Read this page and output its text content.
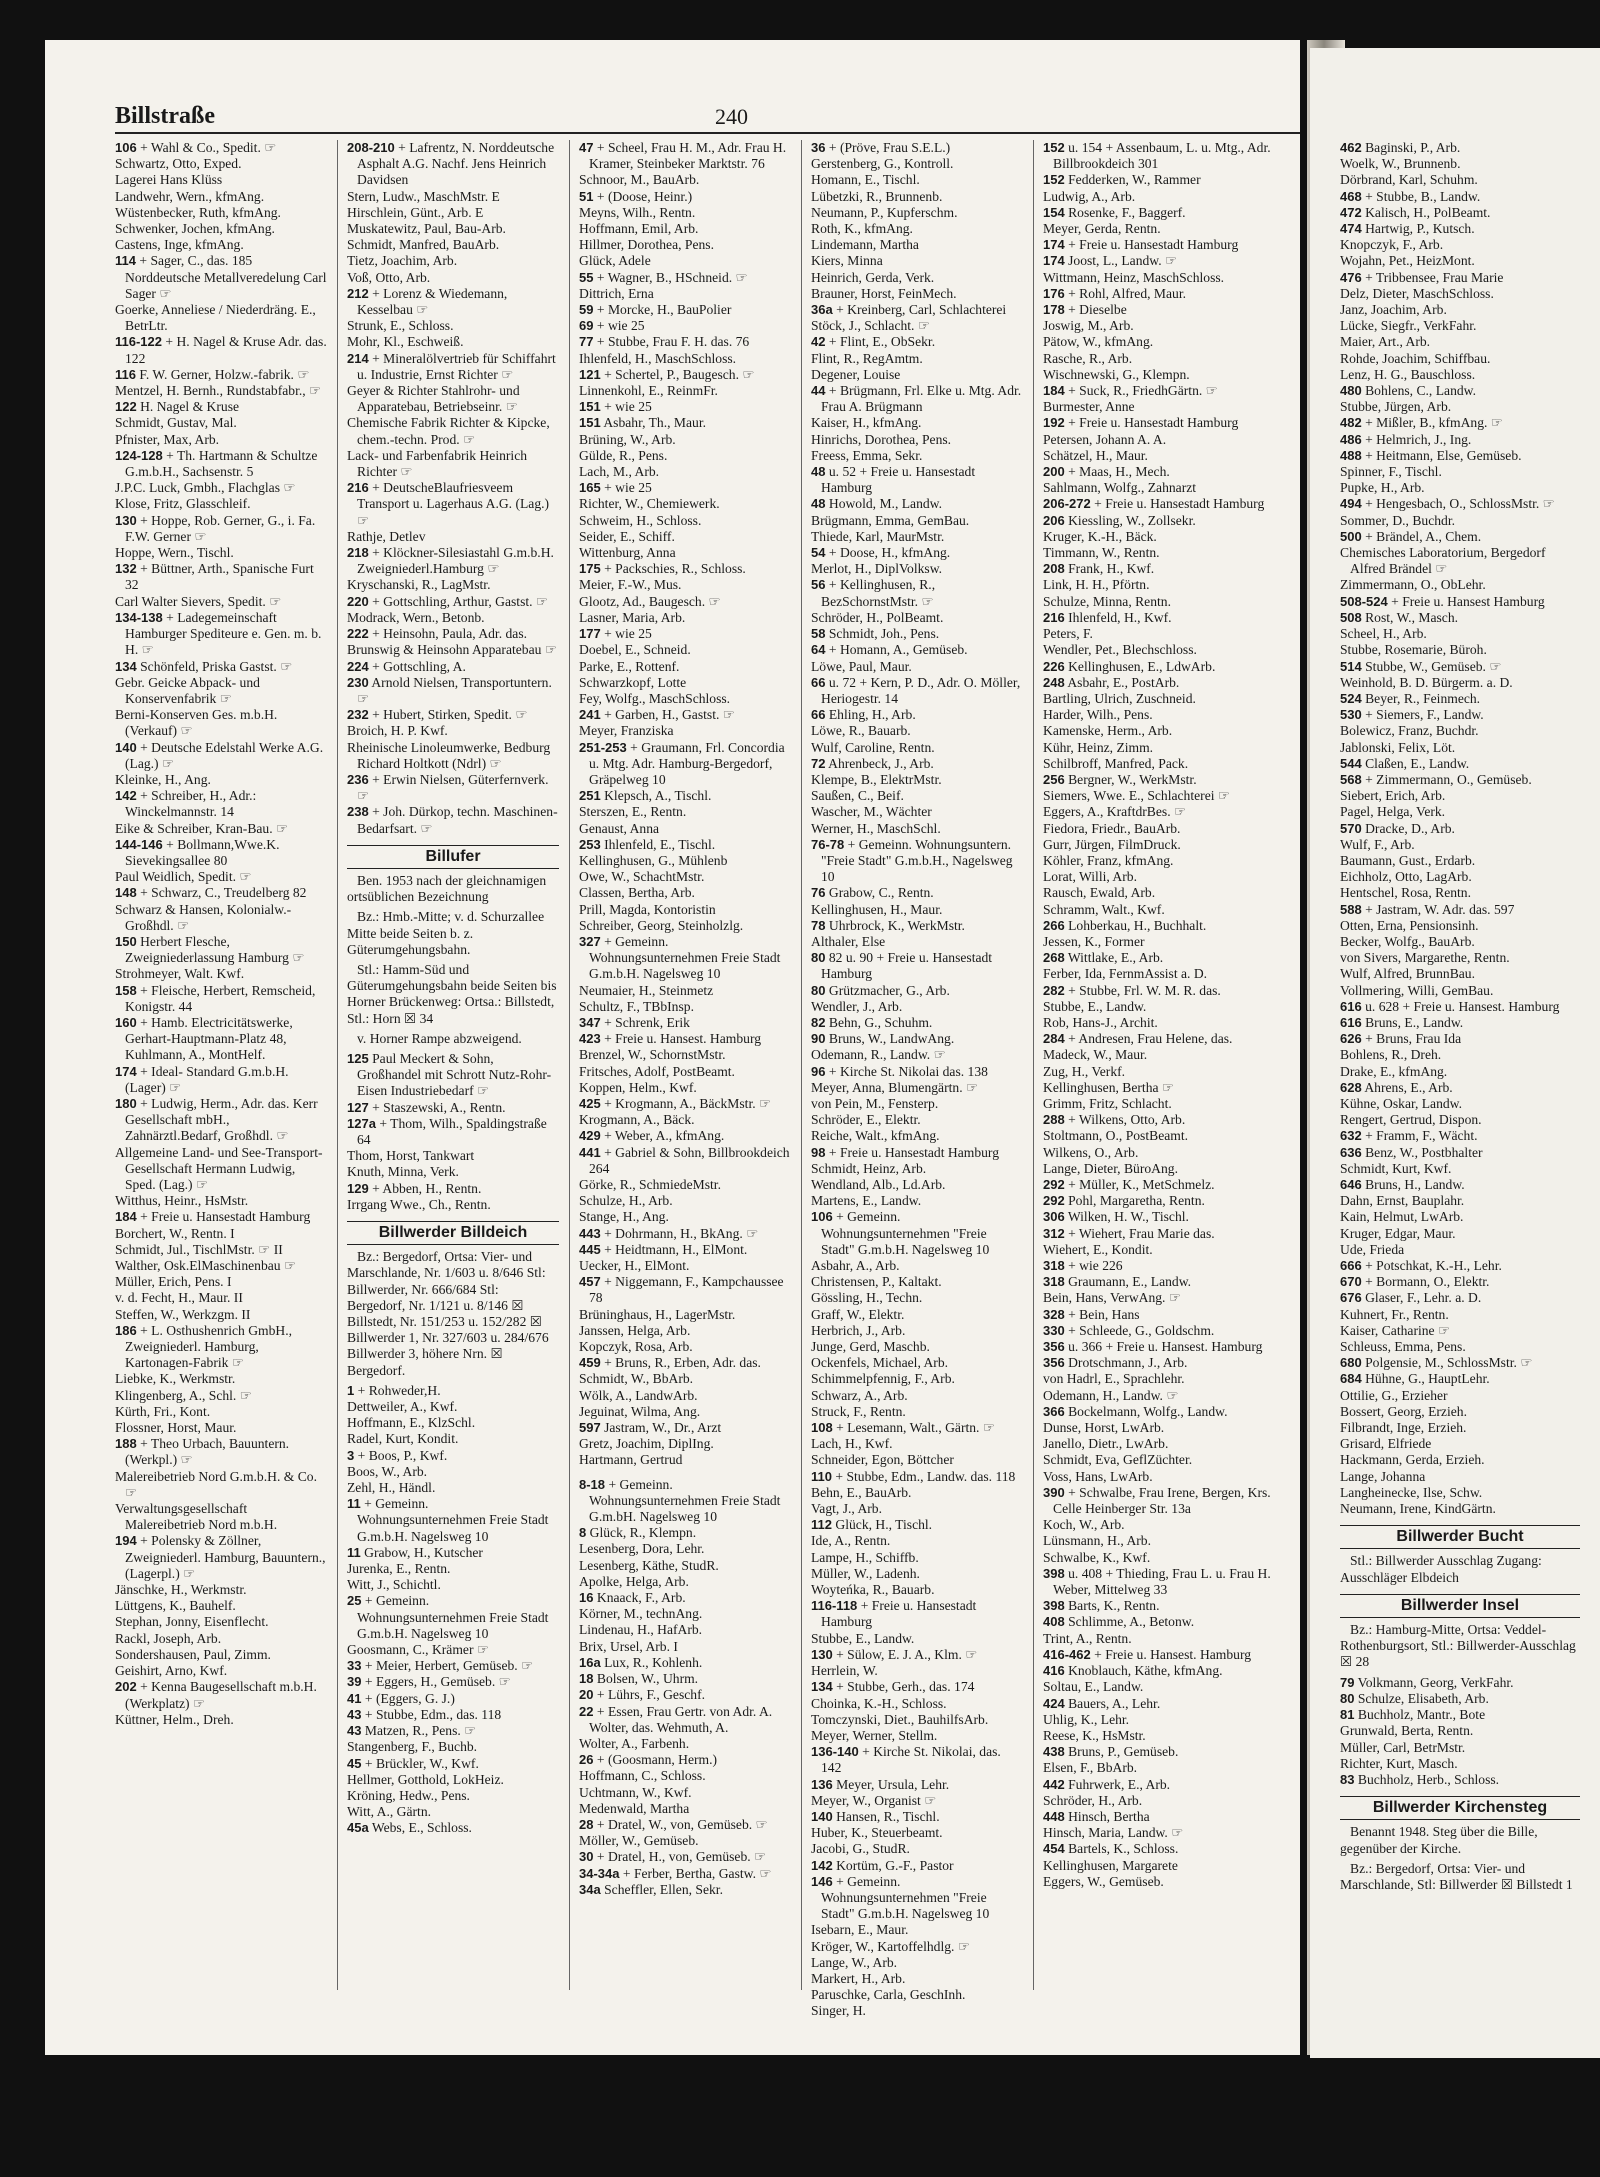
Billstraße	240
106 + Wahl & Co., Spedit. ☞
Schwartz, Otto, Exped.
Lagerei Hans Klüss
Landwehr, Wern., kfmAng.
Wüstenbecker, Ruth, kfmAng.
Schwenker, Jochen, kfmAng.
Castens, Inge, kfmAng.
114 + Sager, C., das. 185 Norddeutsche Metallveredelung Carl Sager ☞
Goerke, Anneliese / Niederdräng. E., BetrLtr.
116-122 + H. Nagel & Kruse Adr. das. 122
116 F. W. Gerner, Holzw.-fabrik. ☞
Mentzel, H. Bernh., Rundstabfabr., ☞
122 H. Nagel & Kruse
Schmidt, Gustav, Mal.
Pfnister, Max, Arb.
124-128 + Th. Hartmann & Schultze G.m.b.H., Sachsenstr. 5
J.P.C. Luck, Gmbh., Flachglas ☞
Klose, Fritz, Glasschleif.
130 + Hoppe, Rob. Gerner, G., i. Fa. F.W. Gerner ☞
Hoppe, Wern., Tischl.
132 + Büttner, Arth., Spanische Furt 32
Carl Walter Sievers, Spedit. ☞
134-138 + Ladegemeinschaft Hamburger Spediteure e. Gen. m. b. H. ☞
134 Schönfeld, Priska Gastst. ☞
Gebr. Geicke Abpack- und Konservenfabrik ☞
Berni-Konserven Ges. m.b.H. (Verkauf) ☞
140 + Deutsche Edelstahl Werke A.G. (Lag.) ☞
Kleinke, H., Ang.
142 + Schreiber, H., Adr.: Winckelmannstr. 14
Eike & Schreiber, Kran-Bau. ☞
144-146 + Bollmann,Wwe.K. Sievekingsallee 80
Paul Weidlich, Spedit. ☞
148 + Schwarz, C., Treudelberg 82
Schwarz & Hansen, Kolonialw.-Großhdl. ☞
150 Herbert Flesche, Zweigniederlassung Hamburg ☞
Strohmeyer, Walt. Kwf.
158 + Fleische, Herbert, Remscheid, Konigstr. 44
160 + Hamb. Electricitätswerke, Gerhart-Hauptmann-Platz 48, Kuhlmann, A., MontHelf.
174 + Ideal- Standard G.m.b.H. (Lager) ☞
180 + Ludwig, Herm., Adr. das. Kerr Gesellschaft mbH., Zahnärztl.Bedarf, Großhdl. ☞
Allgemeine Land- und See-Transport-Gesellschaft Hermann Ludwig, Sped. (Lag.) ☞
Witthus, Heinr., HsMstr.
184 + Freie u. Hansestadt Hamburg
Borchert, W., Rentn. I
Schmidt, Jul., TischlMstr. ☞ II
Walther, Osk.ElMaschinenbau ☞
Müller, Erich, Pens. I
v. d. Fecht, H., Maur. II
Steffen, W., Werkzgm. II
186 + L. Osthushenrich GmbH., Zweigniederl. Hamburg, Kartonagen-Fabrik ☞
Liebke, K., Werkmstr.
Klingenberg, A., Schl. ☞
Kürth, Fri., Kont.
Flossner, Horst, Maur.
188 + Theo Urbach, Bauuntern. (Werkpl.) ☞
Malereibetrieb Nord G.m.b.H. & Co. ☞
Verwaltungsgesellschaft Malereibetrieb Nord m.b.H.
194 + Polensky & Zöllner, Zweigniederl. Hamburg, Bauuntern., (Lagerpl.) ☞
Jänschke, H., Werkmstr.
Lüttgens, K., Bauhelf.
Stephan, Jonny, Eisenflecht.
Rackl, Joseph, Arb.
Sondershausen, Paul, Zimm.
Geishirt, Arno, Kwf.
202 + Kenna Baugesellschaft m.b.H. (Werkplatz) ☞
Küttner, Helm., Dreh.
208-210 + Lafrentz, N. Norddeutsche Asphalt A.G. Nachf. Jens Heinrich Davidsen
Stern, Ludw., MaschMstr. E
Hirschlein, Günt., Arb. E
Muskatewitz, Paul, Bau-Arb.
Schmidt, Manfred, BauArb.
Tietz, Joachim, Arb.
Voß, Otto, Arb.
212 + Lorenz & Wiedemann, Kesselbau ☞
Strunk, E., Schloss.
Mohr, Kl., Eschweiß.
214 + Mineralölvertrieb für Schiffahrt u. Industrie, Ernst Richter ☞
Geyer & Richter Stahlrohr- und Apparatebau, Betriebseinr. ☞
Chemische Fabrik Richter & Kipcke, chem.-techn. Prod. ☞
Lack- und Farbenfabrik Heinrich Richter ☞
216 + DeutscheBlaufriesveem Transport u. Lagerhaus A.G. (Lag.) ☞
Rathje, Detlev
218 + Klöckner-Silesiastahl G.m.b.H. Zweigniederl.Hamburg ☞
Kryschanski, R., LagMstr.
220 + Gottschling, Arthur, Gastst. ☞
Modrack, Wern., Betonb.
222 + Heinsohn, Paula, Adr. das.
Brunswig & Heinsohn Apparatebau ☞
224 + Gottschling, A.
230 Arnold Nielsen, Transportuntern. ☞
232 + Hubert, Stirken, Spedit. ☞
Broich, H. P. Kwf.
Rheinische Linoleumwerke, Bedburg Richard Holtkott (Ndrl) ☞
236 + Erwin Nielsen, Güterfernverk. ☞
238 + Joh. Dürkop, techn. Maschinen-Bedarfsart. ☞
Billufer
Ben. 1953 nach der gleichnamigen ortsüblichen Bezeichnung
Bz.: Hmb.-Mitte; v. d. Schurzallee Mitte beide Seiten b. z. Güterumgehungsbahn.
Stl.: Hamm-Süd und Güterumgehungsbahn beide Seiten bis Horner Brückenweg: Ortsa.: Billstedt, Stl.: Horn ☒ 34
v. Horner Rampe abzweigend.
125 Paul Meckert & Sohn, Großhandel mit Schrott Nutz-Rohr- Eisen Industriebedarf ☞
127 + Staszewski, A., Rentn.
127a + Thom, Wilh., Spaldingstraße 64
Thom, Horst, Tankwart
Knuth, Minna, Verk.
129 + Abben, H., Rentn.
Irrgang Wwe., Ch., Rentn.
Billwerder Billdeich
Bz.: Bergedorf, Ortsa: Vier- und Marschlande, Nr. 1/603 u. 8/646 Stl: Billwerder, Nr. 666/684 Stl: Bergedorf, Nr. 1/121 u. 8/146 ☒ Billstedt, Nr. 151/253 u. 152/282 ☒ Billwerder 1, Nr. 327/603 u. 284/676 Billwerder 3, höhere Nrn. ☒ Bergedorf.
1 + Rohweder,H.
Dettweiler, A., Kwf.
Hoffmann, E., KlzSchl.
Radel, Kurt, Kondit.
3 + Boos, P., Kwf.
Boos, W., Arb.
Zehl, H., Händl.
11 + Gemeinn. Wohnungsunternehmen Freie Stadt G.m.b.H. Nagelsweg 10
11 Grabow, H., Kutscher
Jurenka, E., Rentn.
Witt, J., Schichtl.
25 + Gemeinn. Wohnungsunternehmen Freie Stadt G.m.b.H. Nagelsweg 10
Goosmann, C., Krämer ☞
33 + Meier, Herbert, Gemüseb. ☞
39 + Eggers, H., Gemüseb. ☞
41 + (Eggers, G. J.)
43 + Stubbe, Edm., das. 118
43 Matzen, R., Pens. ☞
Stangenberg, F., Buchb.
45 + Brückler, W., Kwf.
Hellmer, Gotthold, LokHeiz.
Kröning, Hedw., Pens.
Witt, A., Gärtn.
45a Webs, E., Schloss.
47 + Scheel, Frau H. M., Adr. Frau H. Kramer, Steinbeker Marktstr. 76
Schnoor, M., BauArb.
51 + (Doose, Heinr.)
Meyns, Wilh., Rentn.
Hoffmann, Emil, Arb.
Hillmer, Dorothea, Pens.
Glück, Adele
55 + Wagner, B., HSchneid. ☞
Dittrich, Erna
59 + Morcke, H., BauPolier
69 + wie 25
77 + Stubbe, Frau F. H. das. 76
Ihlenfeld, H., MaschSchloss.
121 + Schertel, P., Baugesch. ☞
Linnenkohl, E., ReinmFr.
151 + wie 25
151 Asbahr, Th., Maur.
Brüning, W., Arb.
Gülde, R., Pens.
Lach, M., Arb.
165 + wie 25
Richter, W., Chemiewerk.
Schweim, H., Schloss.
Seider, E., Schiff.
Wittenburg, Anna
175 + Packschies, R., Schloss.
Meier, F.-W., Mus.
Glootz, Ad., Baugesch. ☞
Lasner, Maria, Arb.
177 + wie 25
Doebel, E., Schneid.
Parke, E., Rottenf.
Schwarzkopf, Lotte
Fey, Wolfg., MaschSchloss.
241 + Garben, H., Gastst. ☞
Meyer, Franziska
251-253 + Graumann, Frl. Concordia u. Mtg. Adr. Hamburg-Bergedorf, Gräpelweg 10
251 Klepsch, A., Tischl.
Sterszen, E., Rentn.
Genaust, Anna
253 Ihlenfeld, E., Tischl.
Kellinghusen, G., Mühlenb
Owe, W., SchachtMstr.
Classen, Bertha, Arb.
Prill, Magda, Kontoristin
Schreiber, Georg, Steinholzlg.
327 + Gemeinn. Wohnungsunternehmen Freie Stadt G.m.b.H. Nagelsweg 10
Neumaier, H., Steinmetz
Schultz, F., TBbInsp.
347 + Schrenk, Erik
423 + Freie u. Hansest. Hamburg
Brenzel, W., SchornstMstr.
Fritsches, Adolf, PostBeamt.
Koppen, Helm., Kwf.
425 + Krogmann, A., BäckMstr. ☞
Krogmann, A., Bäck.
429 + Weber, A., kfmAng.
441 + Gabriel & Sohn, Billbrookdeich 264
Görke, R., SchmiedeMstr.
Schulze, H., Arb.
Stange, H., Ang.
443 + Dohrmann, H., BkAng. ☞
445 + Heidtmann, H., ElMont.
Uecker, H., ElMont.
457 + Niggemann, F., Kampchaussee 78
Brüninghaus, H., LagerMstr.
Janssen, Helga, Arb.
Kopczyk, Rosa, Arb.
459 + Bruns, R., Erben, Adr. das.
Schmidt, W., BbArb.
Wölk, A., LandwArb.
Jeguinat, Wilma, Ang.
597 Jastram, W., Dr., Arzt
Gretz, Joachim, DiplIng.
Hartmann, Gertrud
8-18 + Gemeinn. Wohnungsunternehmen Freie Stadt G.m.bH. Nagelsweg 10
8 Glück, R., Klempn.
Lesenberg, Dora, Lehr.
Lesenberg, Käthe, StudR.
Apolke, Helga, Arb.
16 Knaack, F., Arb.
Körner, M., technAng.
Lindenau, H., HafArb.
Brix, Ursel, Arb. I
16a Lux, R., Kohlenh.
18 Bolsen, W., Uhrm.
20 + Lührs, F., Geschf.
22 + Essen, Frau Gertr. von Adr. A. Wolter, das. Wehmuth, A.
Wolter, A., Farbenh.
26 + (Goosmann, Herm.)
Hoffmann, C., Schloss.
Uchtmann, W., Kwf.
Medenwald, Martha
28 + Dratel, W., von, Gemüseb. ☞
Möller, W., Gemüseb.
30 + Dratel, H., von, Gemüseb. ☞
34-34a + Ferber, Bertha, Gastw. ☞
34a Scheffler, Ellen, Sekr.
36 + (Pröve, Frau S.E.L.)
Gerstenberg, G., Kontroll.
Homann, E., Tischl.
Lübetzki, R., Brunnenb.
Neumann, P., Kupferschm.
Roth, K., kfmAng.
Lindemann, Martha
Kiers, Minna
Heinrich, Gerda, Verk.
Brauner, Horst, FeinMech.
36a + Kreinberg, Carl, Schlachterei
Stöck, J., Schlacht. ☞
42 + Flint, E., ObSekr.
Flint, R., RegAmtm.
Degener, Louise
44 + Brügmann, Frl. Elke u. Mtg. Adr. Frau A. Brügmann
Kaiser, H., kfmAng.
Hinrichs, Dorothea, Pens.
Freess, Emma, Sekr.
48 u. 52 + Freie u. Hansestadt Hamburg
48 Howold, M., Landw.
Brügmann, Emma, GemBau.
Thiede, Karl, MaurMstr.
54 + Doose, H., kfmAng.
Merlot, H., DiplVolksw.
56 + Kellinghusen, R., BezSchornstMstr. ☞
Schröder, H., PolBeamt.
58 Schmidt, Joh., Pens.
64 + Homann, A., Gemüseb.
Löwe, Paul, Maur.
66 u. 72 + Kern, P. D., Adr. O. Möller, Heriogestr. 14
66 Ehling, H., Arb.
Löwe, R., Bauarb.
Wulf, Caroline, Rentn.
72 Ahrenbeck, J., Arb.
Klempe, B., ElektrMstr.
Saußen, C., Beif.
Wascher, M., Wächter
Werner, H., MaschSchl.
76-78 + Gemeinn. Wohnungsuntern. "Freie Stadt" G.m.b.H., Nagelsweg 10
76 Grabow, C., Rentn.
Kellinghusen, H., Maur.
78 Uhrbrock, K., WerkMstr.
Althaler, Else
80 82 u. 90 + Freie u. Hansestadt Hamburg
80 Grützmacher, G., Arb.
Wendler, J., Arb.
82 Behn, G., Schuhm.
90 Bruns, W., LandwAng.
Odemann, R., Landw. ☞
96 + Kirche St. Nikolai das. 138
Meyer, Anna, Blumengärtn. ☞
von Pein, M., Fensterp.
Schröder, E., Elektr.
Reiche, Walt., kfmAng.
98 + Freie u. Hansestadt Hamburg
Schmidt, Heinz, Arb.
Wendland, Alb., Ld.Arb.
Martens, E., Landw.
106 + Gemeinn. Wohnungsunternehmen "Freie Stadt" G.m.b.H. Nagelsweg 10
Asbahr, A., Arb.
Christensen, P., Kaltakt.
Gössling, H., Techn.
Graff, W., Elektr.
Herbrich, J., Arb.
Junge, Gerd, Maschb.
Ockenfels, Michael, Arb.
Schimmelpfennig, F., Arb.
Schwarz, A., Arb.
Struck, F., Rentn.
108 + Lesemann, Walt., Gärtn. ☞
Lach, H., Kwf.
Schneider, Egon, Böttcher
110 + Stubbe, Edm., Landw. das. 118
Behn, E., BauArb.
Vagt, J., Arb.
112 Glück, H., Tischl.
Ide, A., Rentn.
Lampe, H., Schiffb.
Müller, W., Ladenh.
Woyteńka, R., Bauarb.
116-118 + Freie u. Hansestadt Hamburg
Stubbe, E., Landw.
130 + Sülow, E. J. A., Klm. ☞
Herrlein, W.
134 + Stubbe, Gerh., das. 174
Choinka, K.-H., Schloss.
Tomczynski, Diet., BauhilfsArb.
Meyer, Werner, Stellm.
136-140 + Kirche St. Nikolai, das. 142
136 Meyer, Ursula, Lehr.
Meyer, W., Organist ☞
140 Hansen, R., Tischl.
Huber, K., Steuerbeamt.
Jacobi, G., StudR.
142 Kortüm, G.-F., Pastor
146 + Gemeinn. Wohnungsunternehmen "Freie Stadt" G.m.b.H. Nagelsweg 10
Isebarn, E., Maur.
Kröger, W., Kartoffelhdlg. ☞
Lange, W., Arb.
Markert, H., Arb.
Paruschke, Carla, GeschInh.
Singer, H.
152 u. 154 + Assenbaum, L. u. Mtg., Adr. Billbrookdeich 301
152 Fedderken, W., Rammer
Ludwig, A., Arb.
154 Rosenke, F., Baggerf.
Meyer, Gerda, Rentn.
174 + Freie u. Hansestadt Hamburg
174 Joost, L., Landw. ☞
Wittmann, Heinz, MaschSchloss.
176 + Rohl, Alfred, Maur.
178 + Dieselbe
Joswig, M., Arb.
Pätow, W., kfmAng.
Rasche, R., Arb.
Wischnewski, G., Klempn.
184 + Suck, R., FriedhGärtn. ☞
Burmester, Anne
192 + Freie u. Hansestadt Hamburg
Petersen, Johann A. A.
Schätzel, H., Maur.
200 + Maas, H., Mech.
Sahlmann, Wolfg., Zahnarzt
206-272 + Freie u. Hansestadt Hamburg
206 Kiessling, W., Zollsekr.
Kruger, K.-H., Bäck.
Timmann, W., Rentn.
208 Frank, H., Kwf.
Link, H. H., Pförtn.
Schulze, Minna, Rentn.
216 Ihlenfeld, H., Kwf.
Peters, F.
Wendler, Pet., Blechschloss.
226 Kellinghusen, E., LdwArb.
248 Asbahr, E., PostArb.
Bartling, Ulrich, Zuschneid.
Harder, Wilh., Pens.
Kamenske, Herm., Arb.
Kühr, Heinz, Zimm.
Schilbroff, Manfred, Pack.
256 Bergner, W., WerkMstr.
Siemers, Wwe. E., Schlachterei ☞
Eggers, A., KraftdrBes. ☞
Fiedora, Friedr., BauArb.
Gurr, Jürgen, FilmDruck.
Köhler, Franz, kfmAng.
Lorat, Willi, Arb.
Rausch, Ewald, Arb.
Schramm, Walt., Kwf.
266 Lohberkau, H., Buchhalt.
Jessen, K., Former
268 Wittlake, E., Arb.
Ferber, Ida, FernmAssist a. D.
282 + Stubbe, Frl. W. M. R. das.
Stubbe, E., Landw.
Rob, Hans-J., Archit.
284 + Andresen, Frau Helene, das.
Madeck, W., Maur.
Zug, H., Verkf.
Kellinghusen, Bertha ☞
Grimm, Fritz, Schlacht.
288 + Wilkens, Otto, Arb.
Stoltmann, O., PostBeamt.
Wilkens, O., Arb.
Lange, Dieter, BüroAng.
292 + Müller, K., MetSchmelz.
292 Pohl, Margaretha, Rentn.
306 Wilken, H. W., Tischl.
312 + Wiehert, Frau Marie das.
Wiehert, E., Kondit.
318 + wie 226
318 Graumann, E., Landw.
Bein, Hans, VerwAng. ☞
328 + Bein, Hans
330 + Schleede, G., Goldschm.
356 u. 366 + Freie u. Hansest. Hamburg
356 Drotschmann, J., Arb.
von Hadrl, E., Sprachlehr.
Odemann, H., Landw. ☞
366 Bockelmann, Wolfg., Landw.
Dunse, Horst, LwArb.
Janello, Dietr., LwArb.
Schmidt, Eva, GeflZüchter.
Voss, Hans, LwArb.
390 + Schwalbe, Frau Irene, Bergen, Krs. Celle Heinberger Str. 13a
Koch, W., Arb.
Lünsmann, H., Arb.
Schwalbe, K., Kwf.
398 u. 408 + Thieding, Frau L. u. Frau H. Weber, Mittelweg 33
398 Barts, K., Rentn.
408 Schlimme, A., Betonw.
Trint, A., Rentn.
416-462 + Freie u. Hansest. Hamburg
416 Knoblauch, Käthe, kfmAng.
Soltau, E., Landw.
424 Bauers, A., Lehr.
Uhlig, K., Lehr.
Reese, K., HsMstr.
438 Bruns, P., Gemüseb.
Elsen, F., BbArb.
442 Fuhrwerk, E., Arb.
Schröder, H., Arb.
448 Hinsch, Bertha
Hinsch, Maria, Landw. ☞
454 Bartels, K., Schloss.
Kellinghusen, Margarete
Eggers, W., Gemüseb.
462 Baginski, P., Arb.
Woelk, W., Brunnenb.
Dörbrand, Karl, Schuhm.
468 + Stubbe, B., Landw.
472 Kalisch, H., PolBeamt.
474 Hartwig, P., Kutsch.
Knopczyk, F., Arb.
Wojahn, Pet., HeizMont.
476 + Tribbensee, Frau Marie
Delz, Dieter, MaschSchloss.
Janz, Joachim, Arb.
Lücke, Siegfr., VerkFahr.
Maier, Art., Arb.
Rohde, Joachim, Schiffbau.
Lenz, H. G., Bauschloss.
480 Bohlens, C., Landw.
Stubbe, Jürgen, Arb.
482 + Mißler, B., kfmAng. ☞
486 + Helmrich, J., Ing.
488 + Heitmann, Else, Gemüseb.
Spinner, F., Tischl.
Pupke, H., Arb.
494 + Hengesbach, O., SchlossMstr. ☞
Sommer, D., Buchdr.
500 + Brändel, A., Chem.
Chemisches Laboratorium, Bergedorf Alfred Brändel ☞
Zimmermann, O., ObLehr.
508-524 + Freie u. Hansest Hamburg
508 Rost, W., Masch.
Scheel, H., Arb.
Stubbe, Rosemarie, Büroh.
514 Stubbe, W., Gemüseb. ☞
Weinhold, B. D. Bürgerm. a. D.
524 Beyer, R., Feinmech.
530 + Siemers, F., Landw.
Bolewicz, Franz, Buchdr.
Jablonski, Felix, Löt.
544 Claßen, E., Landw.
568 + Zimmermann, O., Gemüseb.
Siebert, Erich, Arb.
Pagel, Helga, Verk.
570 Dracke, D., Arb.
Wulf, F., Arb.
Baumann, Gust., Erdarb.
Eichholz, Otto, LagArb.
Hentschel, Rosa, Rentn.
588 + Jastram, W. Adr. das. 597
Otten, Erna, Pensionsinh.
Becker, Wolfg., BauArb.
von Sivers, Margarethe, Rentn.
Wulf, Alfred, BrunnBau.
Vollmering, Willi, GemBau.
616 u. 628 + Freie u. Hansest. Hamburg
616 Bruns, E., Landw.
626 + Bruns, Frau Ida
Bohlens, R., Dreh.
Drake, E., kfmAng.
628 Ahrens, E., Arb.
Kühne, Oskar, Landw.
Rengert, Gertrud, Dispon.
632 + Framm, F., Wächt.
636 Benz, W., Postbhalter
Schmidt, Kurt, Kwf.
646 Bruns, H., Landw.
Dahn, Ernst, Bauplahr.
Kain, Helmut, LwArb.
Kruger, Edgar, Maur.
Ude, Frieda
666 + Potschkat, K.-H., Lehr.
670 + Bormann, O., Elektr.
676 Glaser, F., Lehr. a. D.
Kuhnert, Fr., Rentn.
Kaiser, Catharine ☞
Schleuss, Emma, Pens.
680 Polgensie, M., SchlossMstr. ☞
684 Hühne, G., HauptLehr.
Ottilie, G., Erzieher
Bossert, Georg, Erzieh.
Filbrandt, Inge, Erzieh.
Grisard, Elfriede
Hackmann, Gerda, Erzieh.
Lange, Johanna
Langheinecke, Ilse, Schw.
Neumann, Irene, KindGärtn.
Billwerder Bucht
Stl.: Billwerder Ausschlag Zugang: Ausschläger Elbdeich
Billwerder Insel
Bz.: Hamburg-Mitte, Ortsa: Veddel-Rothenburgsort, Stl.: Billwerder-Ausschlag ☒ 28
79 Volkmann, Georg, VerkFahr.
80 Schulze, Elisabeth, Arb.
81 Buchholz, Mantr., Bote
Grunwald, Berta, Rentn.
Müller, Carl, BetrMstr.
Richter, Kurt, Masch.
83 Buchholz, Herb., Schloss.
Billwerder Kirchensteg
Benannt 1948. Steg über die Bille, gegenüber der Kirche.
Bz.: Bergedorf, Ortsa: Vier- und Marschlande, Stl: Billwerder ☒ Billstedt 1
